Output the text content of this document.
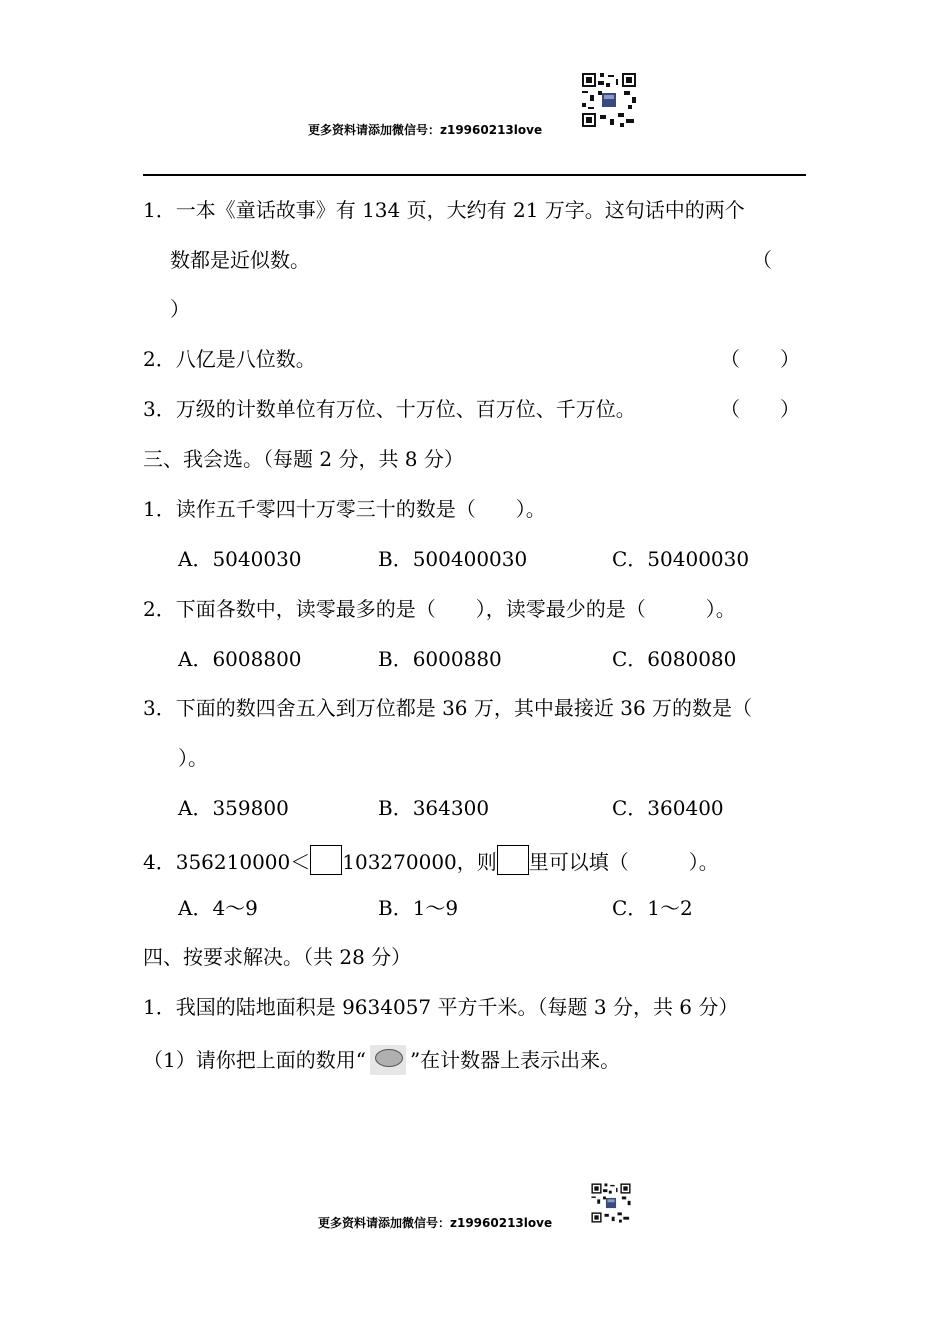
更多资料请添加微信号：z19960213love
1．一本《童话故事》有 134 页，大约有 21 万字。这句话中的两个
数都是近似数。	（
）
2．八亿是八位数。	（　　）
3．万级的计数单位有万位、十万位、百万位、千万位。	（　　）
三、我会选。（每题 2 分，共 8 分）
1．读作五千零四十万零三十的数是（　　）。
A．5040030	B．500400030	C．50400030
2．下面各数中，读零最多的是（　　），读零最少的是（　　　）。
A．6008800	B．6000880	C．6080080
3．下面的数四舍五入到万位都是 36 万，其中最接近 36 万的数是（
）。
A．359800	B．364300	C．360400
4．356210000＜ 103270000，则 里可以填（　　　）。
A．4～9	B．1～9	C．1～2
四、按要求解决。（共 28 分）
1．我国的陆地面积是 9634057 平方千米。（每题 3 分，共 6 分）
（1）请你把上面的数用“ ”在计数器上表示出来。
更多资料请添加微信号：z19960213love
